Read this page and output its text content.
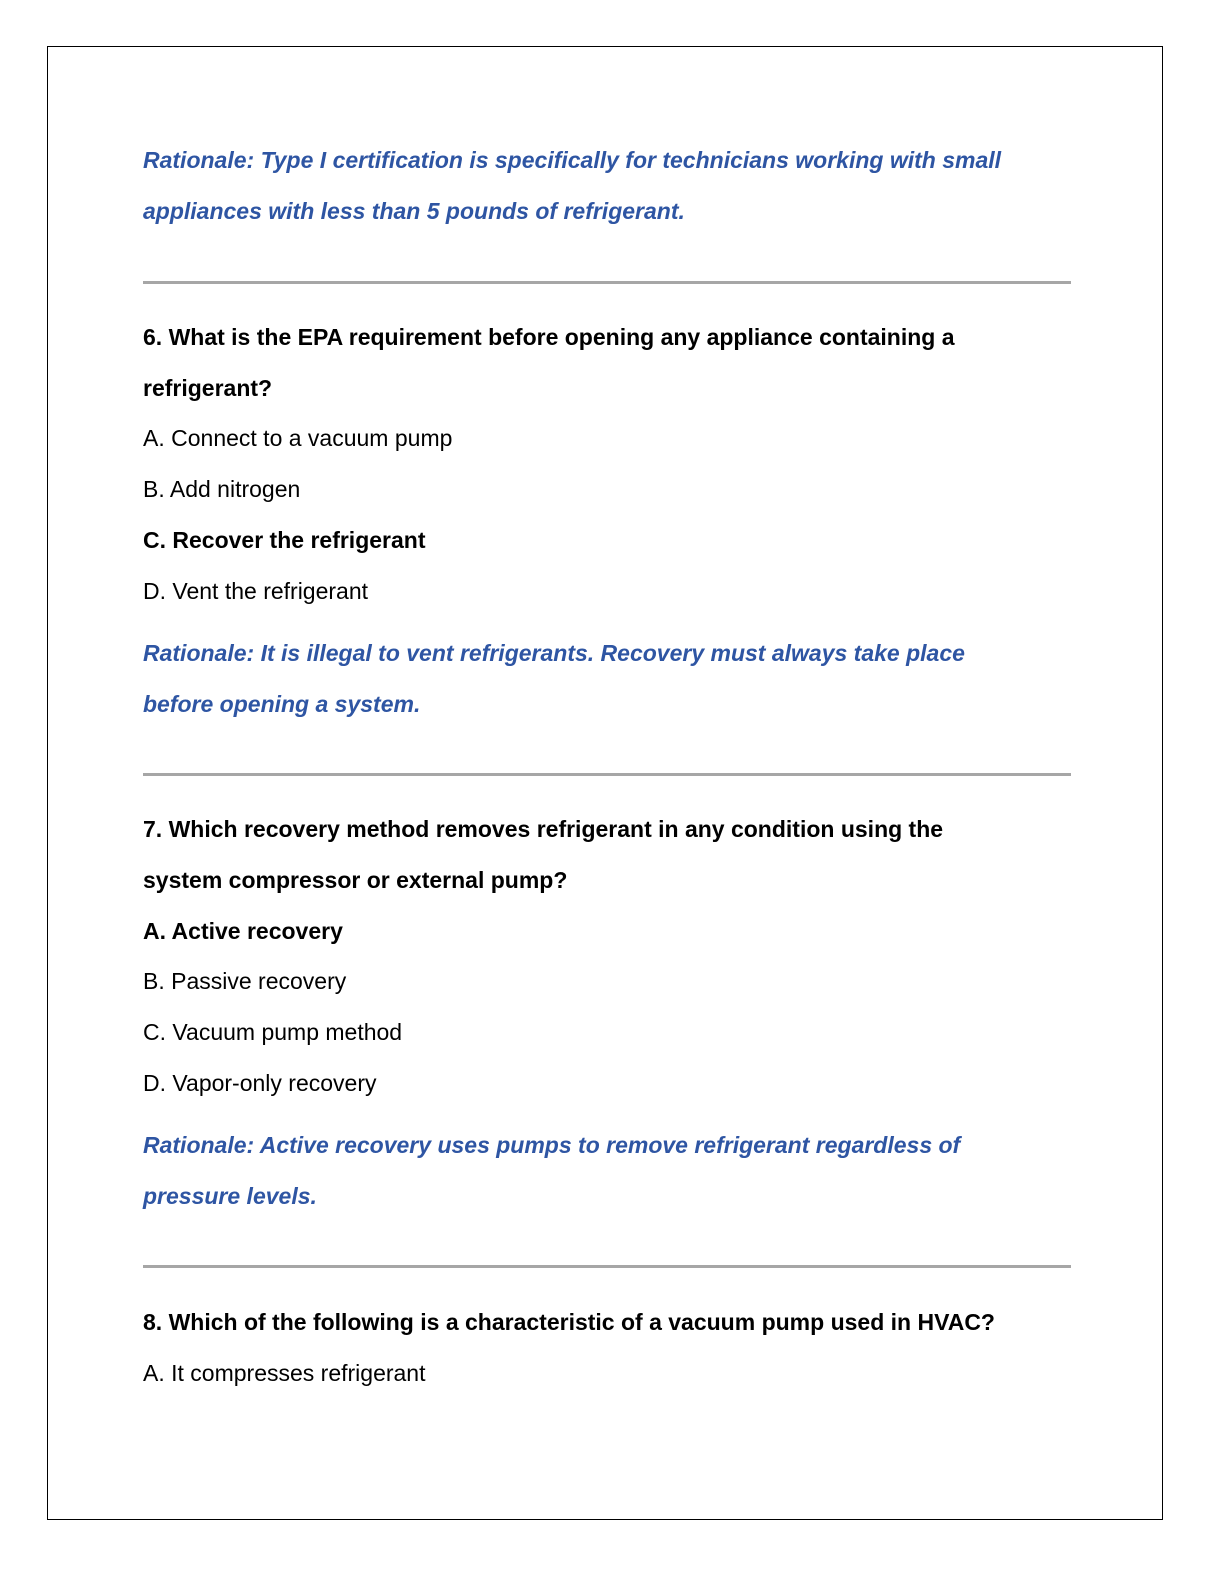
Rationale: Type I certification is specifically for technicians working with small
appliances with less than 5 pounds of refrigerant.
6. What is the EPA requirement before opening any appliance containing a
refrigerant?
A. Connect to a vacuum pump
B. Add nitrogen
C. Recover the refrigerant
D. Vent the refrigerant
Rationale: It is illegal to vent refrigerants. Recovery must always take place
before opening a system.
7. Which recovery method removes refrigerant in any condition using the
system compressor or external pump?
A. Active recovery
B. Passive recovery
C. Vacuum pump method
D. Vapor-only recovery
Rationale: Active recovery uses pumps to remove refrigerant regardless of
pressure levels.
8. Which of the following is a characteristic of a vacuum pump used in HVAC?
A. It compresses refrigerant
